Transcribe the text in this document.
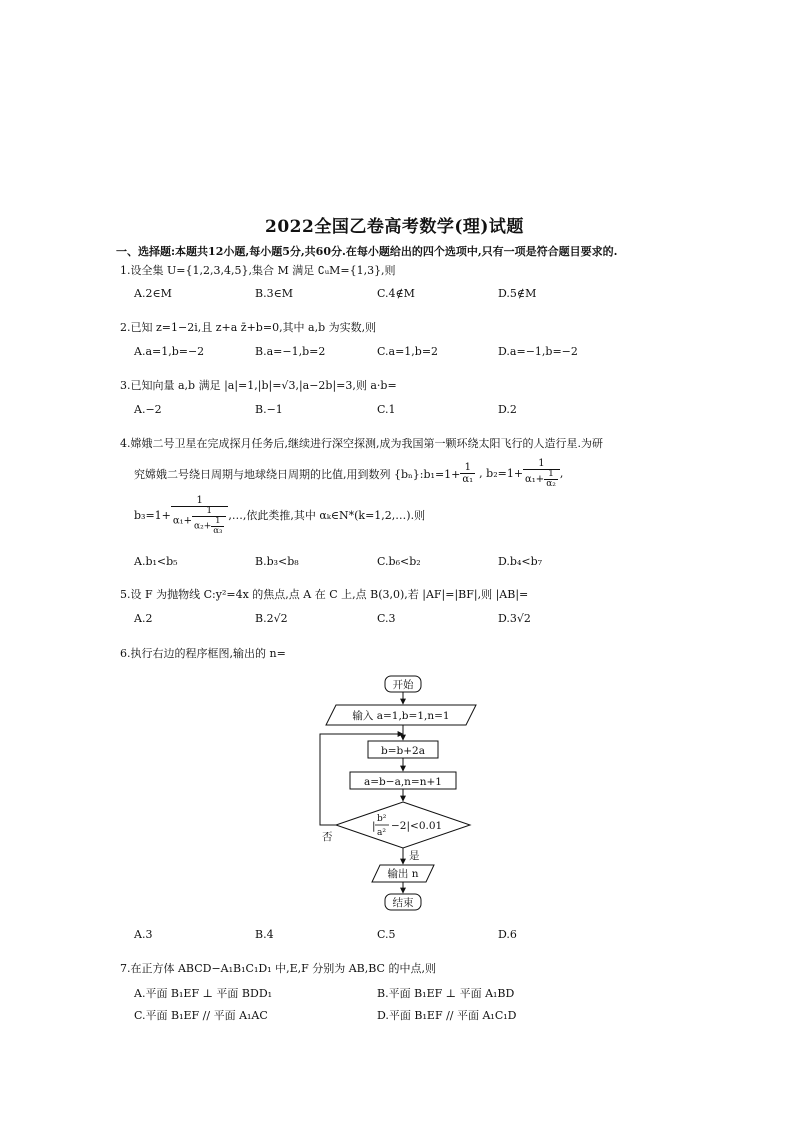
2022全国乙卷高考数学(理)试题
一、选择题:本题共12小题,每小题5分,共60分.在每小题给出的四个选项中,只有一项是符合题目要求的.
1.设全集 U={1,2,3,4,5},集合 M 满足 ∁ᵤM={1,3},则
A.2∈M	B.3∈M	C.4∉M	D.5∉M
2.已知 z=1−2i,且 z+a z̄+b=0,其中 a,b 为实数,则
A.a=1,b=−2	B.a=−1,b=2	C.a=1,b=2	D.a=−1,b=−2
3.已知向量 a,b 满足 |a|=1,|b|=√3,|a−2b|=3,则 a·b=
A.−2	B.−1	C.1	D.2
4.嫦娥二号卫星在完成探月任务后,继续进行深空探测,成为我国第一颗环绕太阳飞行的人造行星.为研
究嫦娥二号绕日周期与地球绕日周期的比值,用到数列 {bₙ}:b₁=1+ $\frac{1}{\text{α₁}}$ , $b_2=1+ \frac{1}{\alpha_1+ \frac{1}{\text{α₂}}}$ ,
$b_3=1+ \frac{1}{\alpha_1+ \frac{1}{\alpha_2+ \frac{1}{\text{α₃}}}}$ ,…,依此类推,其中 αₖ∈N*(k=1,2,…).则
A.b₁<b₅	B.b₃<b₈	C.b₆<b₂	D.b₄<b₇
5.设 F 为抛物线 C:y²=4x 的焦点,点 A 在 C 上,点 B(3,0),若 |AF|=|BF|,则 |AB|=
A.2	B.2√2	C.3	D.3√2
6.执行右边的程序框图,输出的 n=
开始
输入 a=1,b=1,n=1
b=b+2a
a=b−a,n=n+1
|
b²
a²
−2|<0.01
否
是
输出 n
结束
A.3	B.4	C.5	D.6
7.在正方体 ABCD−A₁B₁C₁D₁ 中,E,F 分别为 AB,BC 的中点,则
A.平面 B₁EF ⊥ 平面 BDD₁	B.平面 B₁EF ⊥ 平面 A₁BD
C.平面 B₁EF // 平面 A₁AC	D.平面 B₁EF // 平面 A₁C₁D
